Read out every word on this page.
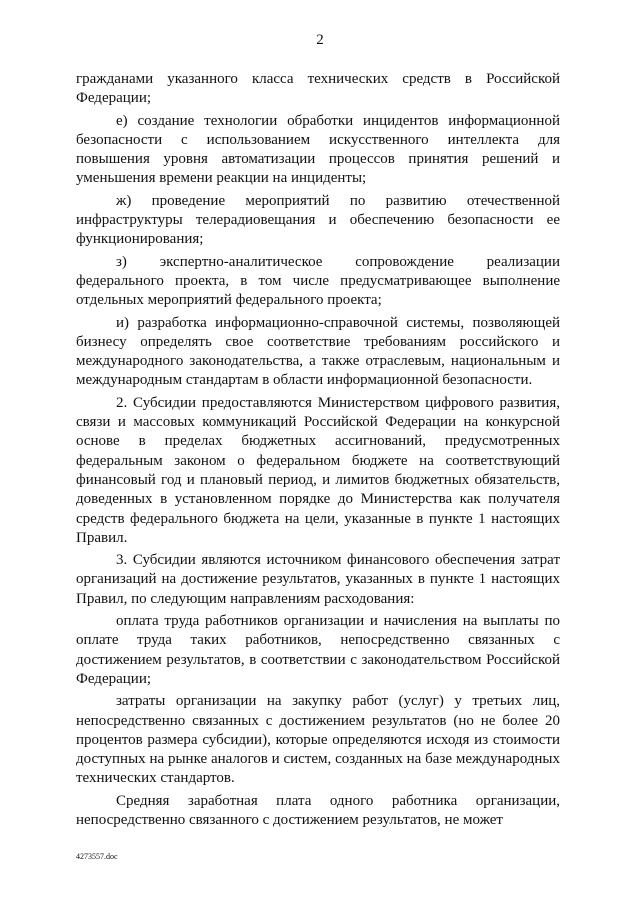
2

гражданами указанного класса технических средств в Российской Федерации;

е) создание технологии обработки инцидентов информационной безопасности с использованием искусственного интеллекта для повышения уровня автоматизации процессов принятия решений и уменьшения времени реакции на инциденты;

ж) проведение мероприятий по развитию отечественной инфраструктуры телерадиовещания и обеспечению безопасности ее функционирования;

з) экспертно-аналитическое сопровождение реализации федерального проекта, в том числе предусматривающее выполнение отдельных мероприятий федерального проекта;

и) разработка информационно-справочной системы, позволяющей бизнесу определять свое соответствие требованиям российского и международного законодательства, а также отраслевым, национальным и международным стандартам в области информационной безопасности.

2. Субсидии предоставляются Министерством цифрового развития, связи и массовых коммуникаций Российской Федерации на конкурсной основе в пределах бюджетных ассигнований, предусмотренных федеральным законом о федеральном бюджете на соответствующий финансовый год и плановый период, и лимитов бюджетных обязательств, доведенных в установленном порядке до Министерства как получателя средств федерального бюджета на цели, указанные в пункте 1 настоящих Правил.

3. Субсидии являются источником финансового обеспечения затрат организаций на достижение результатов, указанных в пункте 1 настоящих Правил, по следующим направлениям расходования:

оплата труда работников организации и начисления на выплаты по оплате труда таких работников, непосредственно связанных с достижением результатов, в соответствии с законодательством Российской Федерации;

затраты организации на закупку работ (услуг) у третьих лиц, непосредственно связанных с достижением результатов (но не более 20 процентов размера субсидии), которые определяются исходя из стоимости доступных на рынке аналогов и систем, созданных на базе международных технических стандартов.

Средняя заработная плата одного работника организации, непосредственно связанного с достижением результатов, не может

4273557.doc
